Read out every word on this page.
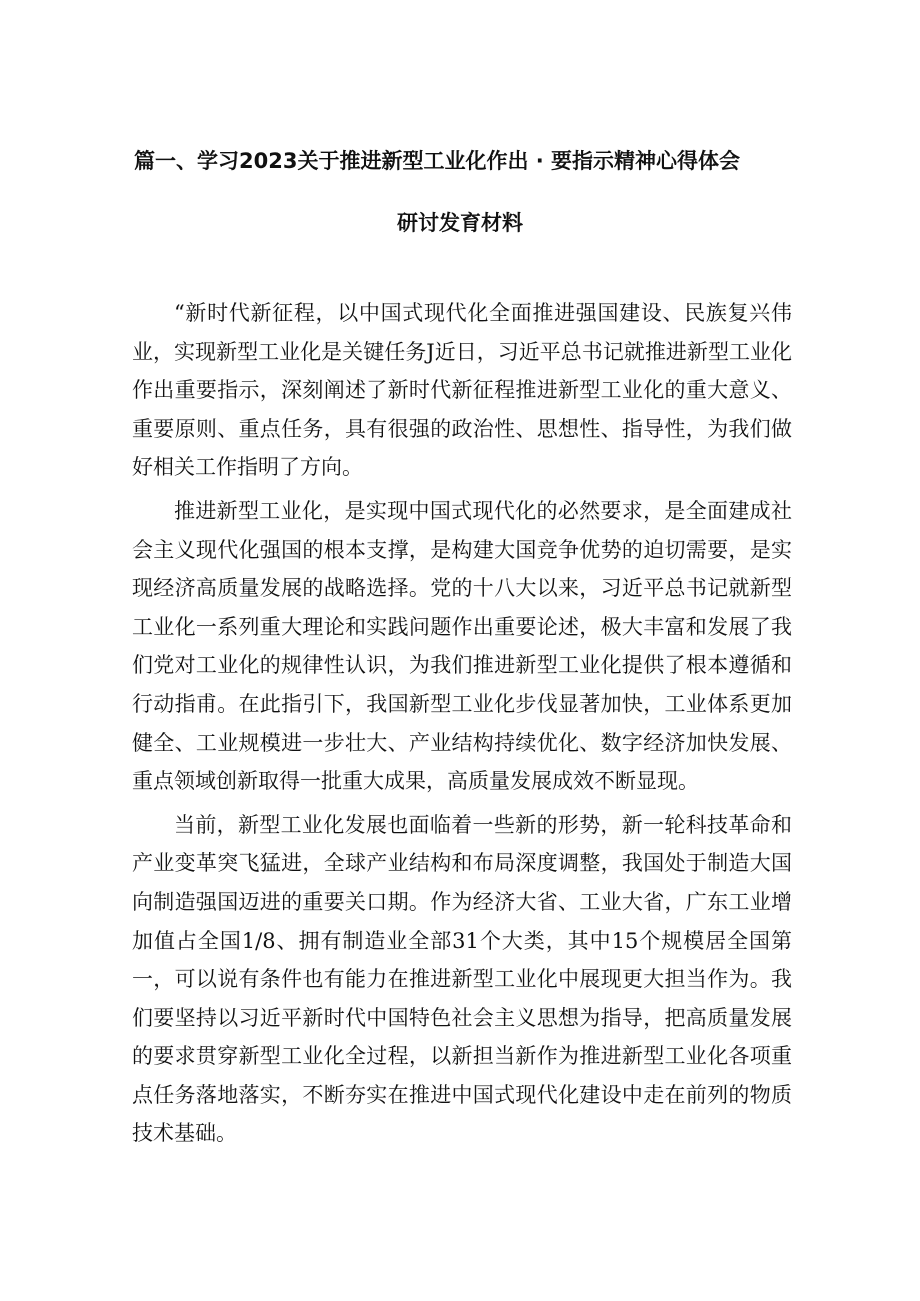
篇一、学习2023关于推进新型工业化作出 · 要指示精神心得体会
研讨发育材料

“新时代新征程，以中国式现代化全面推进强国建设、民族复兴伟业，实现新型工业化是关键任务J近日，习近平总书记就推进新型工业化作出重要指示，深刻阐述了新时代新征程推进新型工业化的重大意义、重要原则、重点任务，具有很强的政治性、思想性、指导性，为我们做好相关工作指明了方向。

推进新型工业化，是实现中国式现代化的必然要求，是全面建成社会主义现代化强国的根本支撑，是构建大国竞争优势的迫切需要，是实现经济高质量发展的战略选择。党的十八大以来，习近平总书记就新型工业化一系列重大理论和实践问题作出重要论述，极大丰富和发展了我们党对工业化的规律性认识，为我们推进新型工业化提供了根本遵循和行动指甫。在此指引下，我国新型工业化步伐显著加快，工业体系更加健全、工业规模进一步壮大、产业结构持续优化、数字经济加快发展、重点领域创新取得一批重大成果，高质量发展成效不断显现。

当前，新型工业化发展也面临着一些新的形势，新一轮科技革命和产业变革突飞猛进，全球产业结构和布局深度调整，我国处于制造大国向制造强国迈进的重要关口期。作为经济大省、工业大省，广东工业增加值占全国1/8、拥有制造业全部31个大类，其中15个规模居全国第一，可以说有条件也有能力在推进新型工业化中展现更大担当作为。我们要坚持以习近平新时代中国特色社会主义思想为指导，把高质量发展的要求贯穿新型工业化全过程，以新担当新作为推进新型工业化各项重点任务落地落实，不断夯实在推进中国式现代化建设中走在前列的物质技术基础。
